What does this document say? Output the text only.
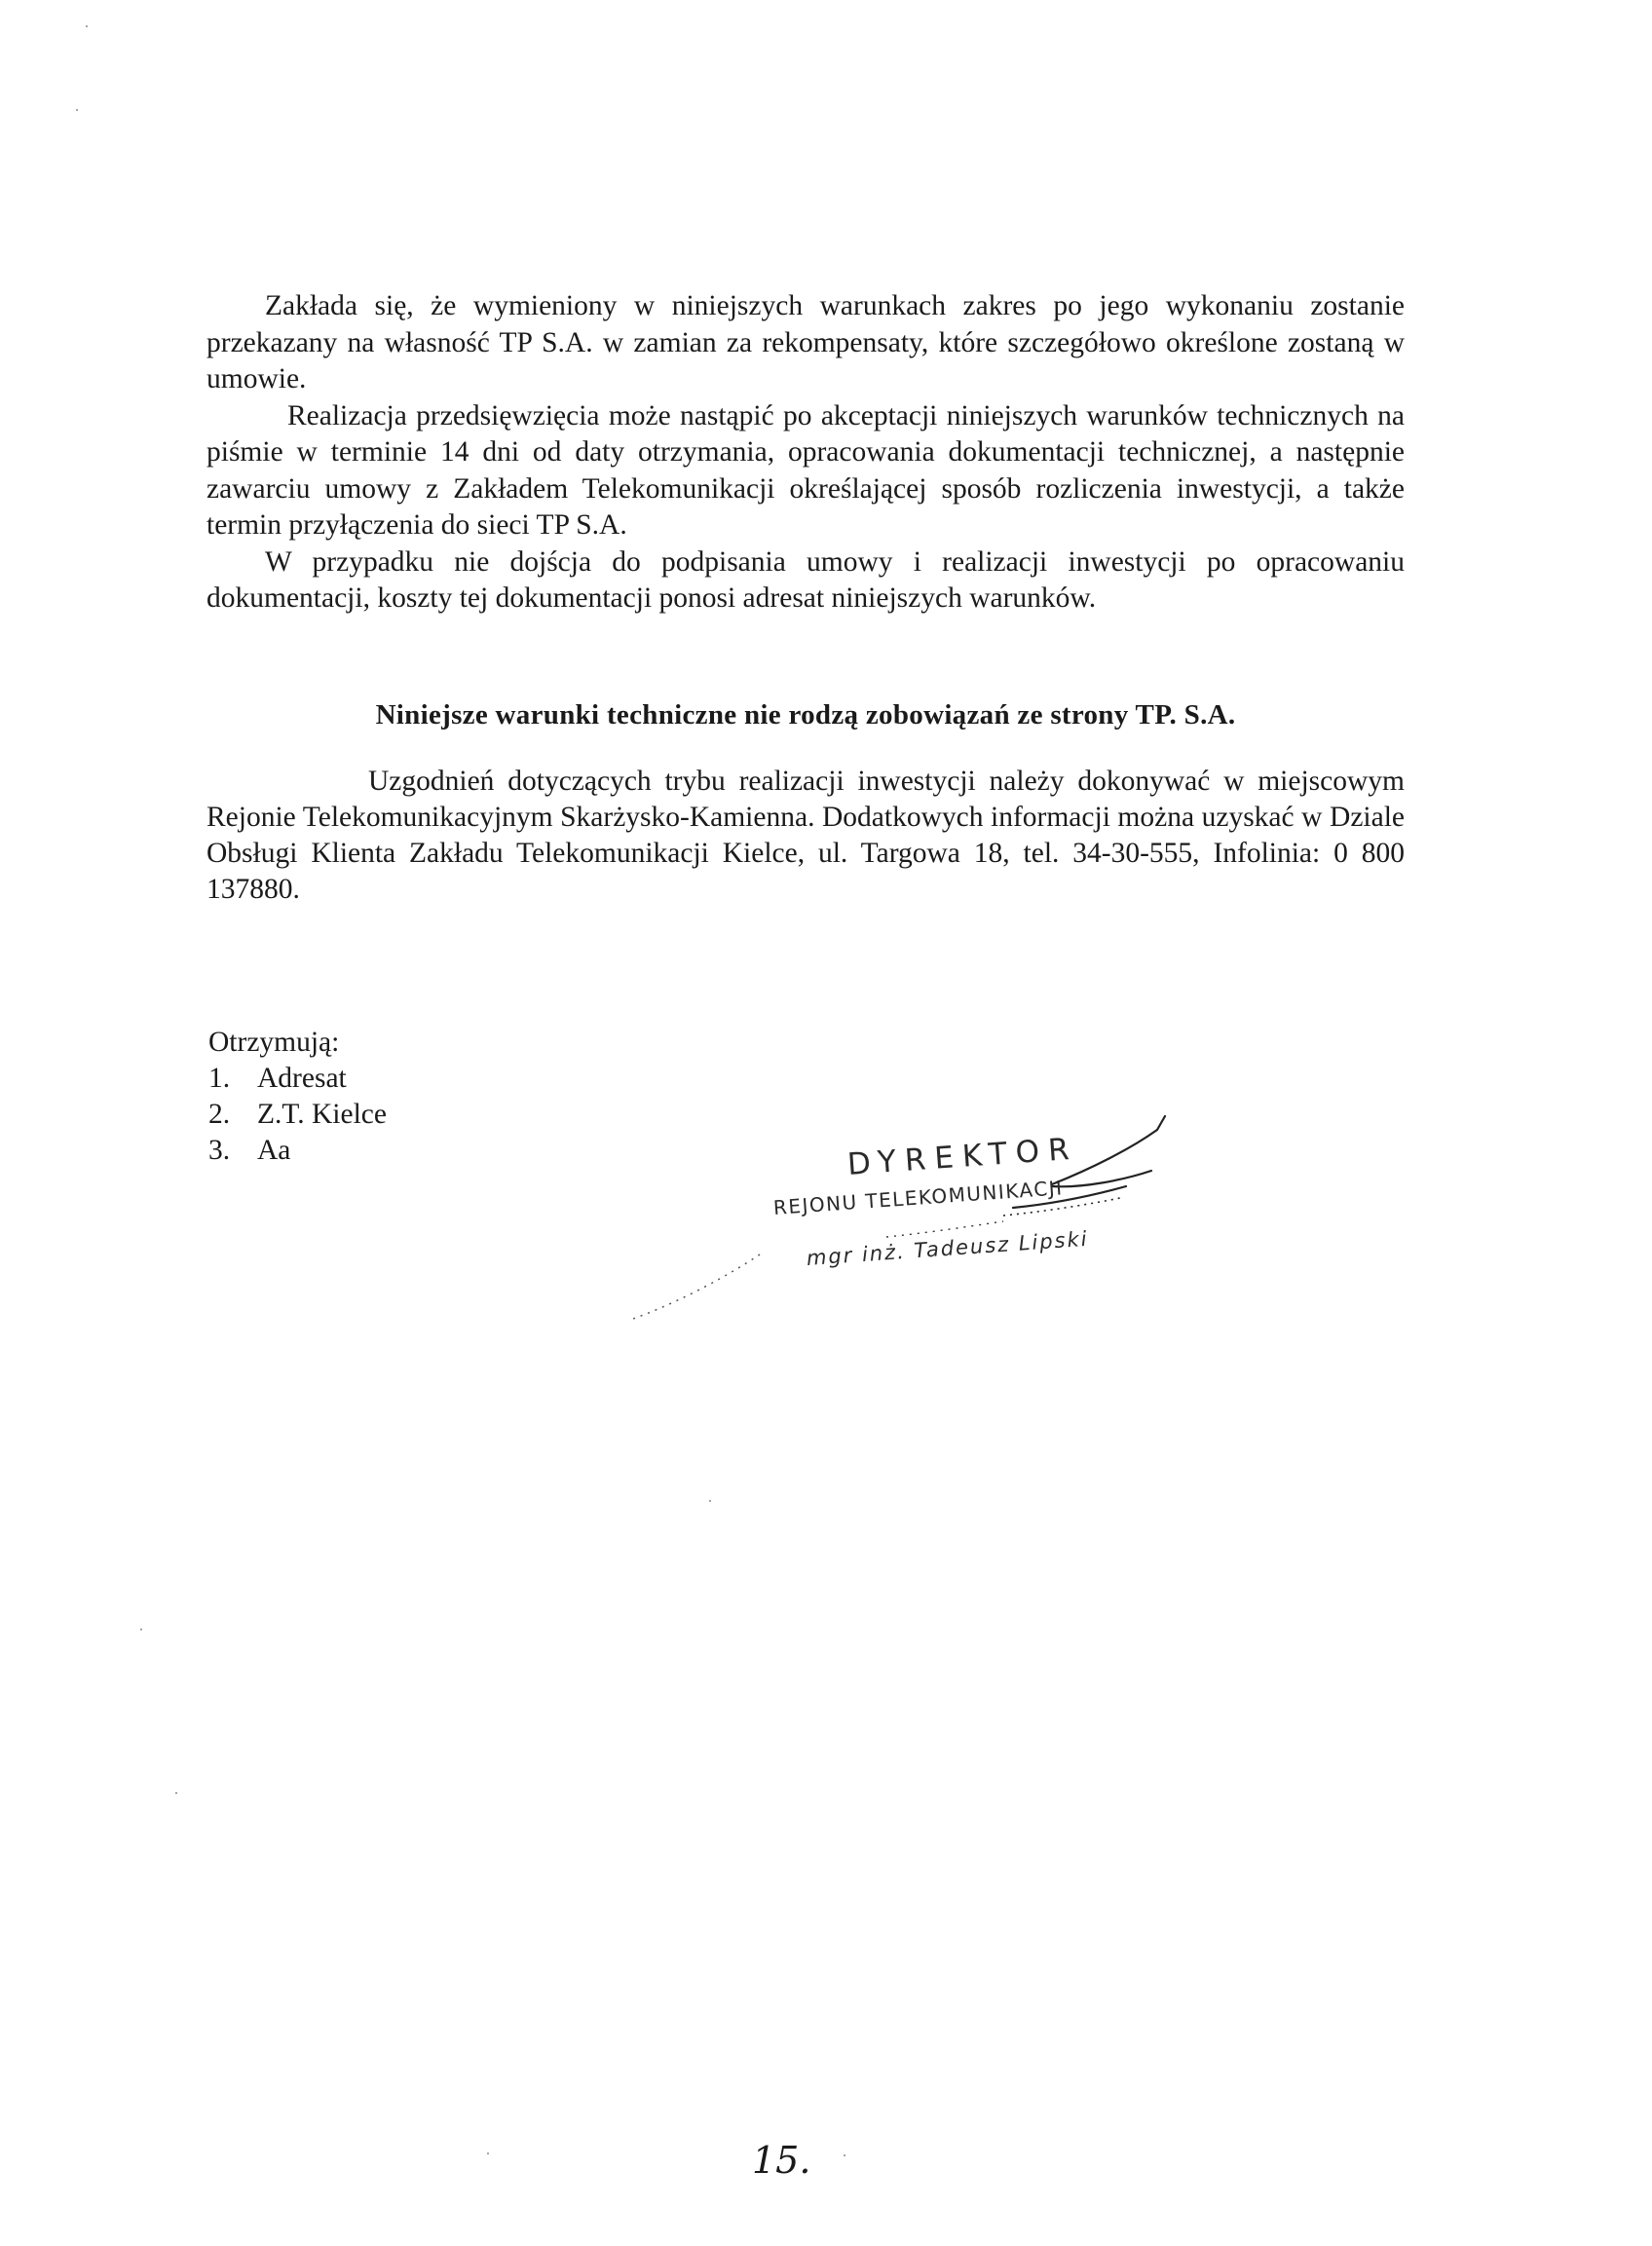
Zakłada się, że wymieniony w niniejszych warunkach zakres po jego wykonaniu zostanie przekazany na własność TP S.A. w zamian za rekompensaty, które szczegółowo określone zostaną w umowie.

Realizacja przedsięwzięcia może nastąpić po akceptacji niniejszych warunków technicznych na piśmie w terminie 14 dni od daty otrzymania, opracowania dokumentacji technicznej, a następnie zawarciu umowy z Zakładem Telekomunikacji określającej sposób rozliczenia inwestycji, a także termin przyłączenia do sieci TP S.A.

W przypadku nie dojścja do podpisania umowy i realizacji inwestycji po opracowaniu dokumentacji, koszty tej dokumentacji ponosi adresat niniejszych warunków.

Niniejsze warunki techniczne nie rodzą zobowiązań ze strony TP. S.A.

Uzgodnień dotyczących trybu realizacji inwestycji należy dokonywać w miejscowym Rejonie Telekomunikacyjnym Skarżysko-Kamienna. Dodatkowych informacji można uzyskać w Dziale Obsługi Klienta Zakładu Telekomunikacji Kielce, ul. Targowa 18, tel. 34-30-555, Infolinia: 0 800 137880.

Otrzymują:
1. Adresat
2. Z.T. Kielce
3. Aa	DYREKTOR
REJONU TELEKOMUNIKACJI
mgr inż. Tadeusz Lipski
15.
